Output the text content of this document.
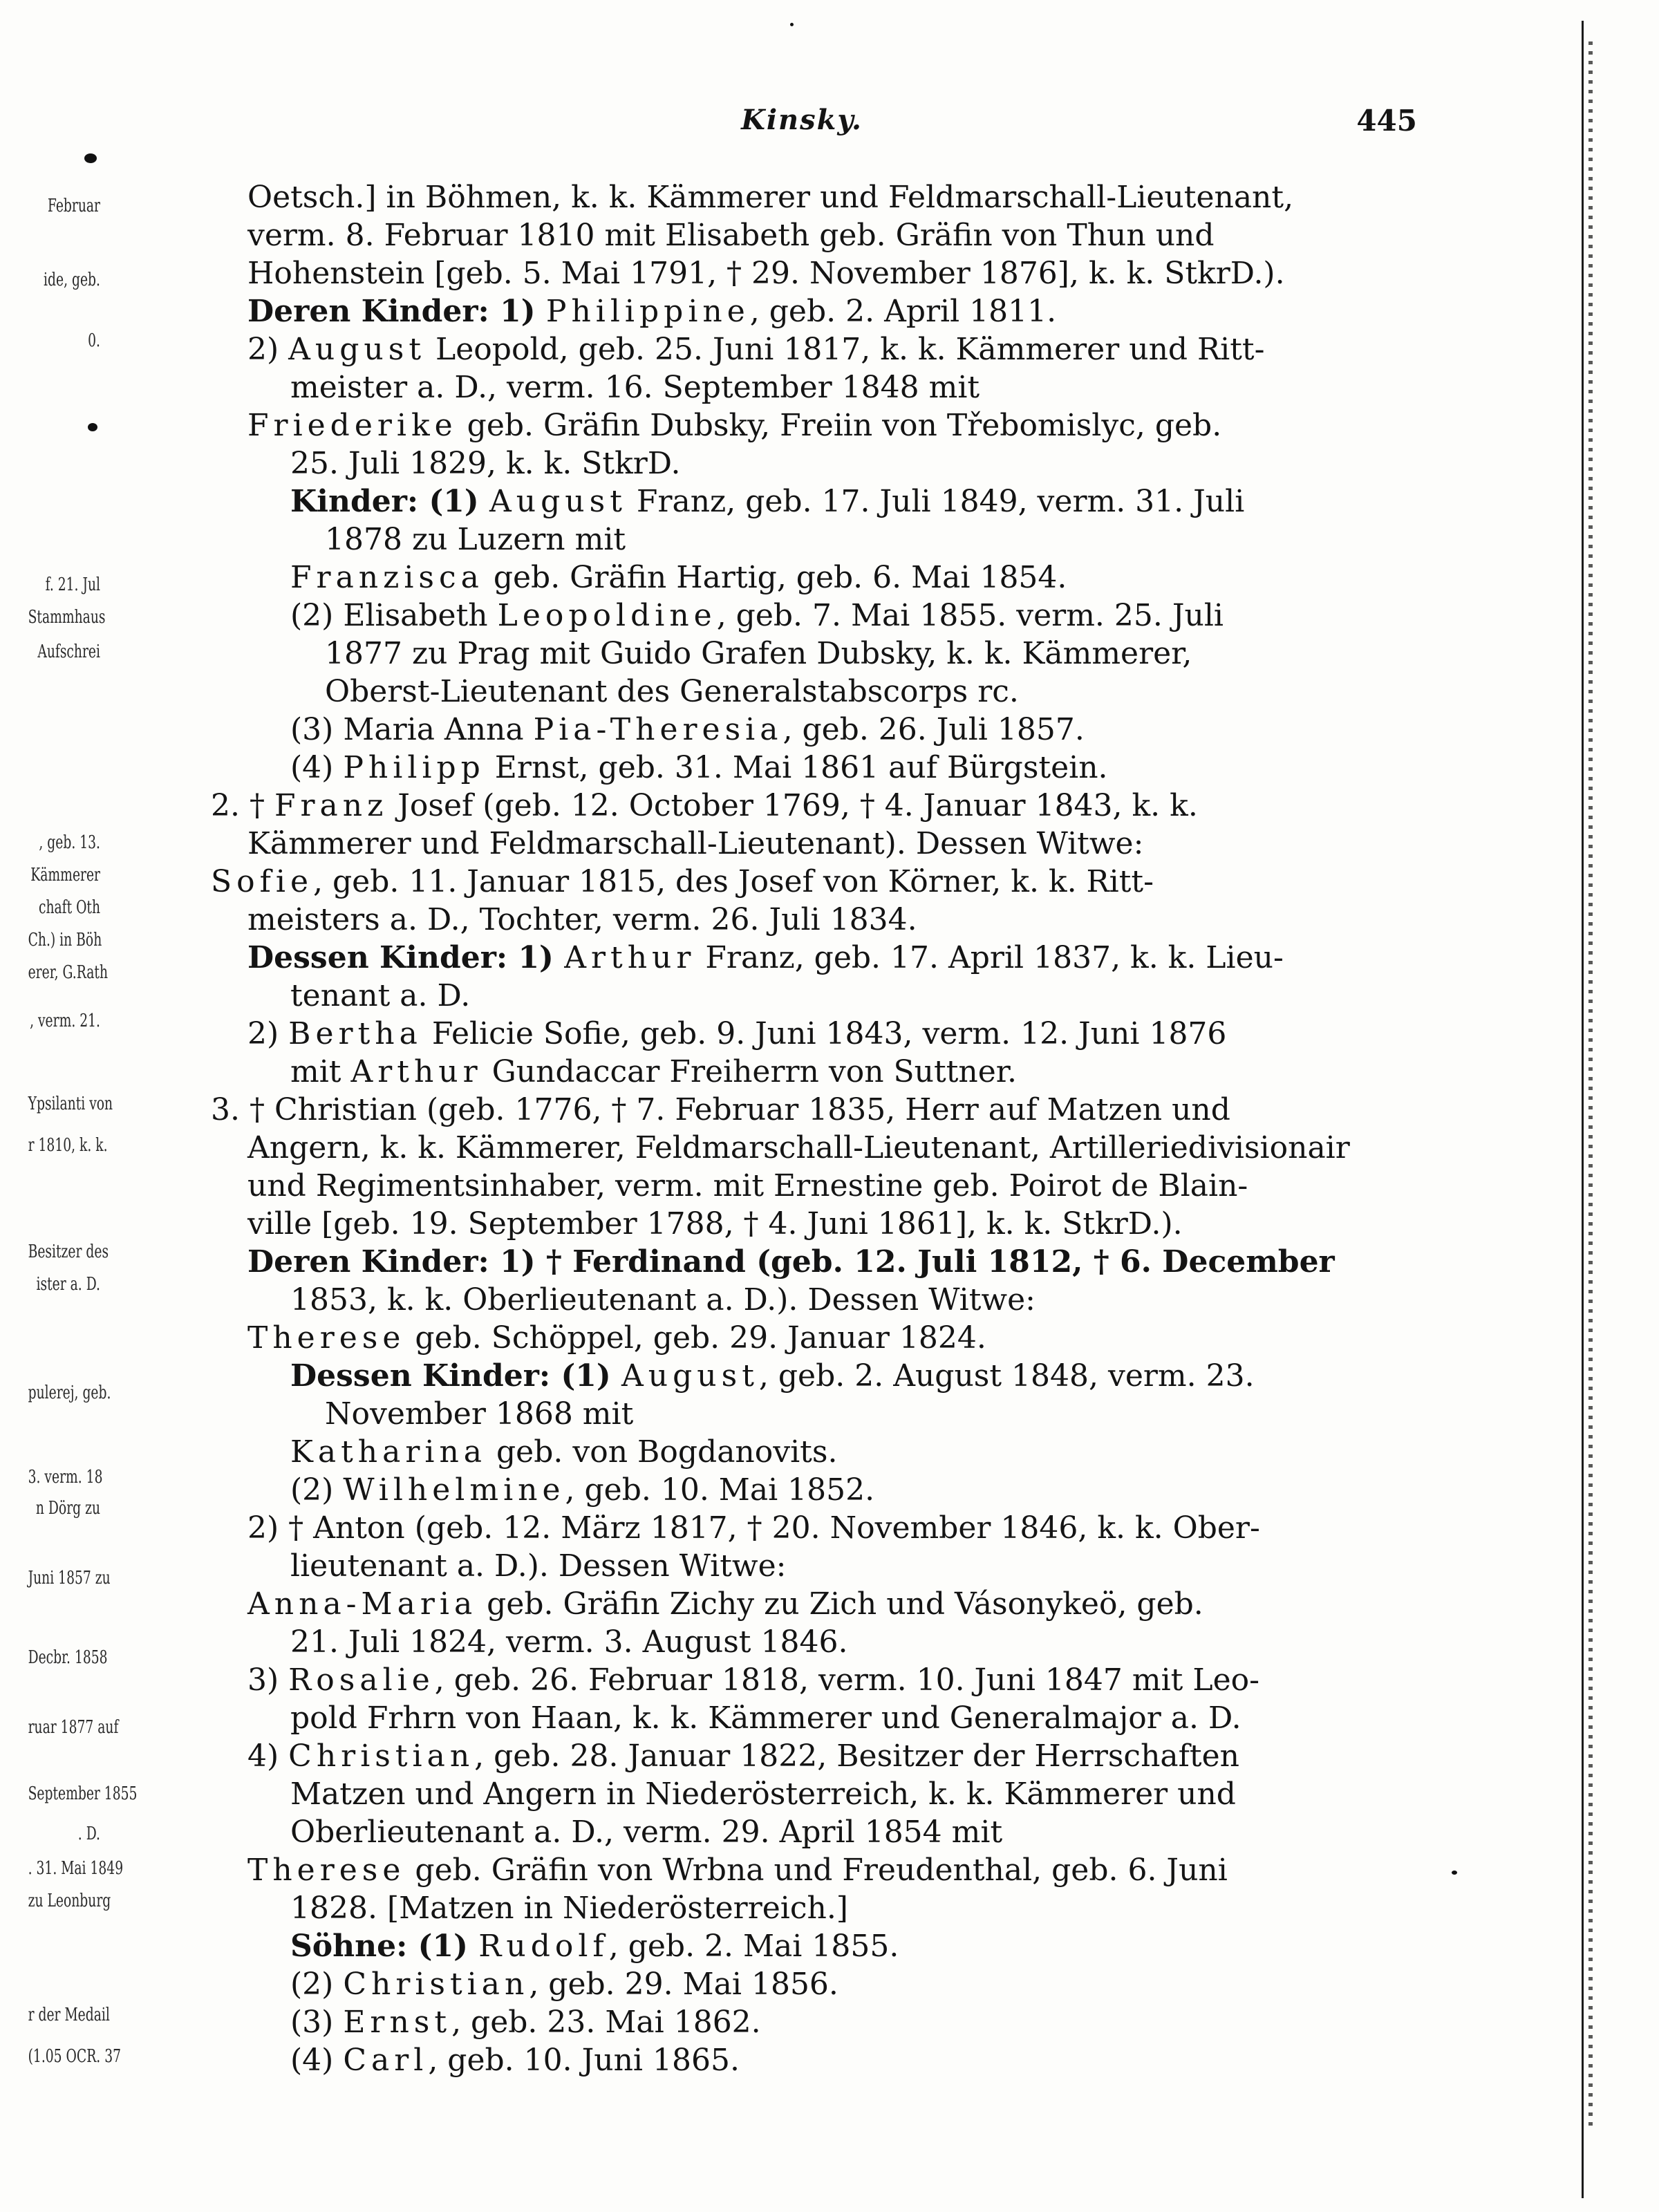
Februar
ide, geb.
0.
f. 21. Jul
Stammhaus
Aufschrei
, geb. 13.
Kämmerer
chaft Oth
Ch.) in Böh
erer, G.Rath
, verm. 21.
Ypsilanti von
r 1810, k. k.
Besitzer des
ister a. D.
pulerej, geb.
3. verm. 18
n Dörg zu
Juni 1857 zu
Decbr. 1858
ruar 1877 auf
September 1855
. D.
. 31. Mai 1849
zu Leonburg
r der Medail
(1.05 OCR. 37
Kinsky.	445
Oetsch.] in Böhmen, k. k. Kämmerer und Feldmarschall-Lieutenant,
verm. 8. Februar 1810 mit Elisabeth geb. Gräfin von Thun und
Hohenstein [geb. 5. Mai 1791, † 29. November 1876], k. k. StkrD.).
Deren Kinder: 1) Philippine, geb. 2. April 1811.
2) August Leopold, geb. 25. Juni 1817, k. k. Kämmerer und Ritt-
meister a. D., verm. 16. September 1848 mit
Friederike geb. Gräfin Dubsky, Freiin von Třebomislyc, geb.
25. Juli 1829, k. k. StkrD.
Kinder: (1) August Franz, geb. 17. Juli 1849, verm. 31. Juli
1878 zu Luzern mit
Franzisca geb. Gräfin Hartig, geb. 6. Mai 1854.
(2) Elisabeth Leopoldine, geb. 7. Mai 1855. verm. 25. Juli
1877 zu Prag mit Guido Grafen Dubsky, k. k. Kämmerer,
Oberst-Lieutenant des Generalstabscorps rc.
(3) Maria Anna Pia-Theresia, geb. 26. Juli 1857.
(4) Philipp Ernst, geb. 31. Mai 1861 auf Bürgstein.
2. † Franz Josef (geb. 12. October 1769, † 4. Januar 1843, k. k.
Kämmerer und Feldmarschall-Lieutenant). Dessen Witwe:
Sofie, geb. 11. Januar 1815, des Josef von Körner, k. k. Ritt-
meisters a. D., Tochter, verm. 26. Juli 1834.
Dessen Kinder: 1) Arthur Franz, geb. 17. April 1837, k. k. Lieu-
tenant a. D.
2) Bertha Felicie Sofie, geb. 9. Juni 1843, verm. 12. Juni 1876
mit Arthur Gundaccar Freiherrn von Suttner.
3. † Christian (geb. 1776, † 7. Februar 1835, Herr auf Matzen und
Angern, k. k. Kämmerer, Feldmarschall-Lieutenant, Artilleriedivisionair
und Regimentsinhaber, verm. mit Ernestine geb. Poirot de Blain-
ville [geb. 19. September 1788, † 4. Juni 1861], k. k. StkrD.).
Deren Kinder: 1) † Ferdinand (geb. 12. Juli 1812, † 6. December
1853, k. k. Oberlieutenant a. D.). Dessen Witwe:
Therese geb. Schöppel, geb. 29. Januar 1824.
Dessen Kinder: (1) August, geb. 2. August 1848, verm. 23.
November 1868 mit
Katharina geb. von Bogdanovits.
(2) Wilhelmine, geb. 10. Mai 1852.
2) † Anton (geb. 12. März 1817, † 20. November 1846, k. k. Ober-
lieutenant a. D.). Dessen Witwe:
Anna-Maria geb. Gräfin Zichy zu Zich und Vásonykeö, geb.
21. Juli 1824, verm. 3. August 1846.
3) Rosalie, geb. 26. Februar 1818, verm. 10. Juni 1847 mit Leo-
pold Frhrn von Haan, k. k. Kämmerer und Generalmajor a. D.
4) Christian, geb. 28. Januar 1822, Besitzer der Herrschaften
Matzen und Angern in Niederösterreich, k. k. Kämmerer und
Oberlieutenant a. D., verm. 29. April 1854 mit
Therese geb. Gräfin von Wrbna und Freudenthal, geb. 6. Juni
1828. [Matzen in Niederösterreich.]
Söhne: (1) Rudolf, geb. 2. Mai 1855.
(2) Christian, geb. 29. Mai 1856.
(3) Ernst, geb. 23. Mai 1862.
(4) Carl, geb. 10. Juni 1865.
